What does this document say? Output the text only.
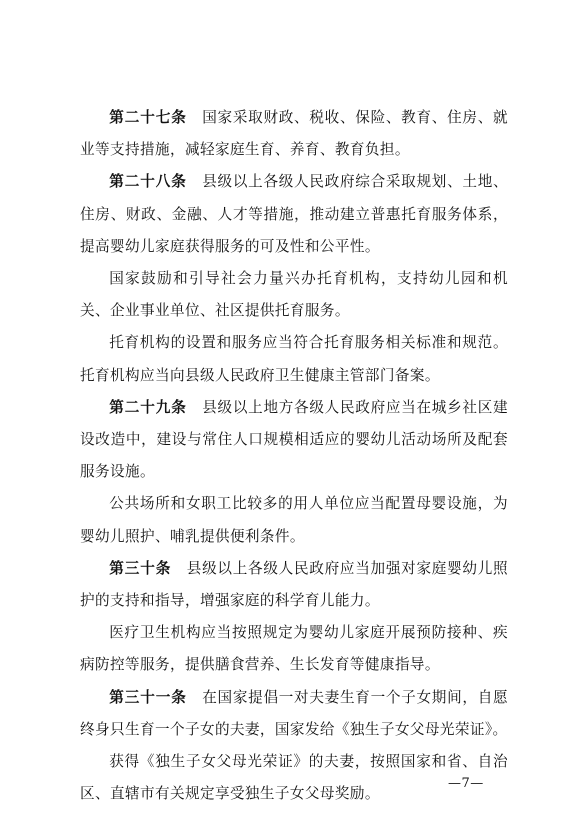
第二十七条 国家采取财政、税收、保险、教育、住房、就业等支持措施，减轻家庭生育、养育、教育负担。

第二十八条 县级以上各级人民政府综合采取规划、土地、住房、财政、金融、人才等措施，推动建立普惠托育服务体系，提高婴幼儿家庭获得服务的可及性和公平性。

国家鼓励和引导社会力量兴办托育机构，支持幼儿园和机关、企业事业单位、社区提供托育服务。

托育机构的设置和服务应当符合托育服务相关标准和规范。托育机构应当向县级人民政府卫生健康主管部门备案。

第二十九条 县级以上地方各级人民政府应当在城乡社区建设改造中，建设与常住人口规模相适应的婴幼儿活动场所及配套服务设施。

公共场所和女职工比较多的用人单位应当配置母婴设施，为婴幼儿照护、哺乳提供便利条件。

第三十条 县级以上各级人民政府应当加强对家庭婴幼儿照护的支持和指导，增强家庭的科学育儿能力。

医疗卫生机构应当按照规定为婴幼儿家庭开展预防接种、疾病防控等服务，提供膳食营养、生长发育等健康指导。

第三十一条 在国家提倡一对夫妻生育一个子女期间，自愿终身只生育一个子女的夫妻，国家发给《独生子女父母光荣证》。

获得《独生子女父母光荣证》的夫妻，按照国家和省、自治区、直辖市有关规定享受独生子女父母奖励。

—7—
